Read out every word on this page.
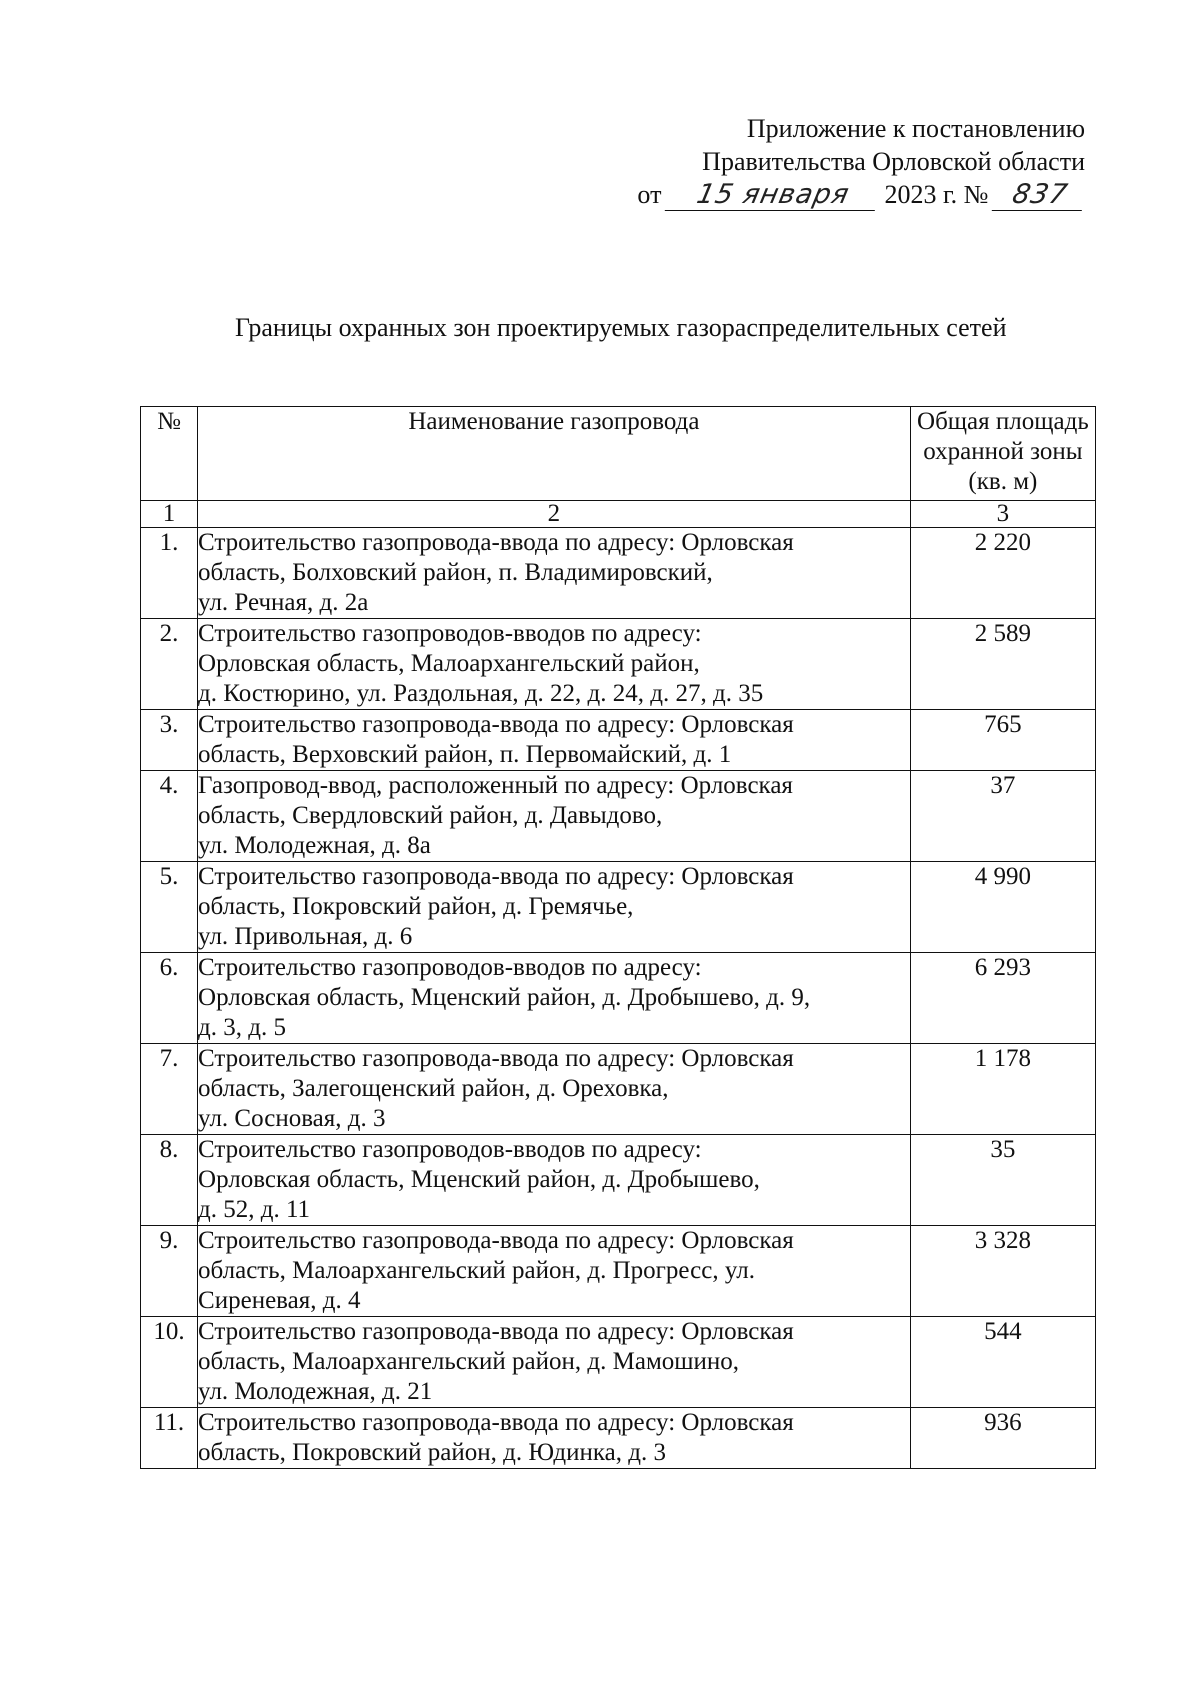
Приложение к постановлению
Правительства Орловской области
от 15 января 2023 г. № 837
Границы охранных зон проектируемых газораспределительных сетей
№	Наименование газопровода	Общая площадь
охранной зоны
(кв. м)
1	2	3
1.	Строительство газопровода-ввода по адресу: Орловская
область, Болховский район, п. Владимировский,
ул. Речная, д. 2а	2 220
2.	Строительство газопроводов-вводов по адресу:
Орловская область, Малоархангельский район,
д. Костюрино, ул. Раздольная, д. 22, д. 24, д. 27, д. 35	2 589
3.	Строительство газопровода-ввода по адресу: Орловская
область, Верховский район, п. Первомайский, д. 1	765
4.	Газопровод-ввод, расположенный по адресу: Орловская
область, Свердловский район, д. Давыдово,
ул. Молодежная, д. 8а	37
5.	Строительство газопровода-ввода по адресу: Орловская
область, Покровский район, д. Гремячье,
ул. Привольная, д. 6	4 990
6.	Строительство газопроводов-вводов по адресу:
Орловская область, Мценский район, д. Дробышево, д. 9,
д. 3, д. 5	6 293
7.	Строительство газопровода-ввода по адресу: Орловская
область, Залегощенский район, д. Ореховка,
ул. Сосновая, д. 3	1 178
8.	Строительство газопроводов-вводов по адресу:
Орловская область, Мценский район, д. Дробышево,
д. 52, д. 11	35
9.	Строительство газопровода-ввода по адресу: Орловская
область, Малоархангельский район, д. Прогресс, ул.
Сиреневая, д. 4	3 328
10.	Строительство газопровода-ввода по адресу: Орловская
область, Малоархангельский район, д. Мамошино,
ул. Молодежная, д. 21	544
11.	Строительство газопровода-ввода по адресу: Орловская
область, Покровский район, д. Юдинка, д. 3	936
